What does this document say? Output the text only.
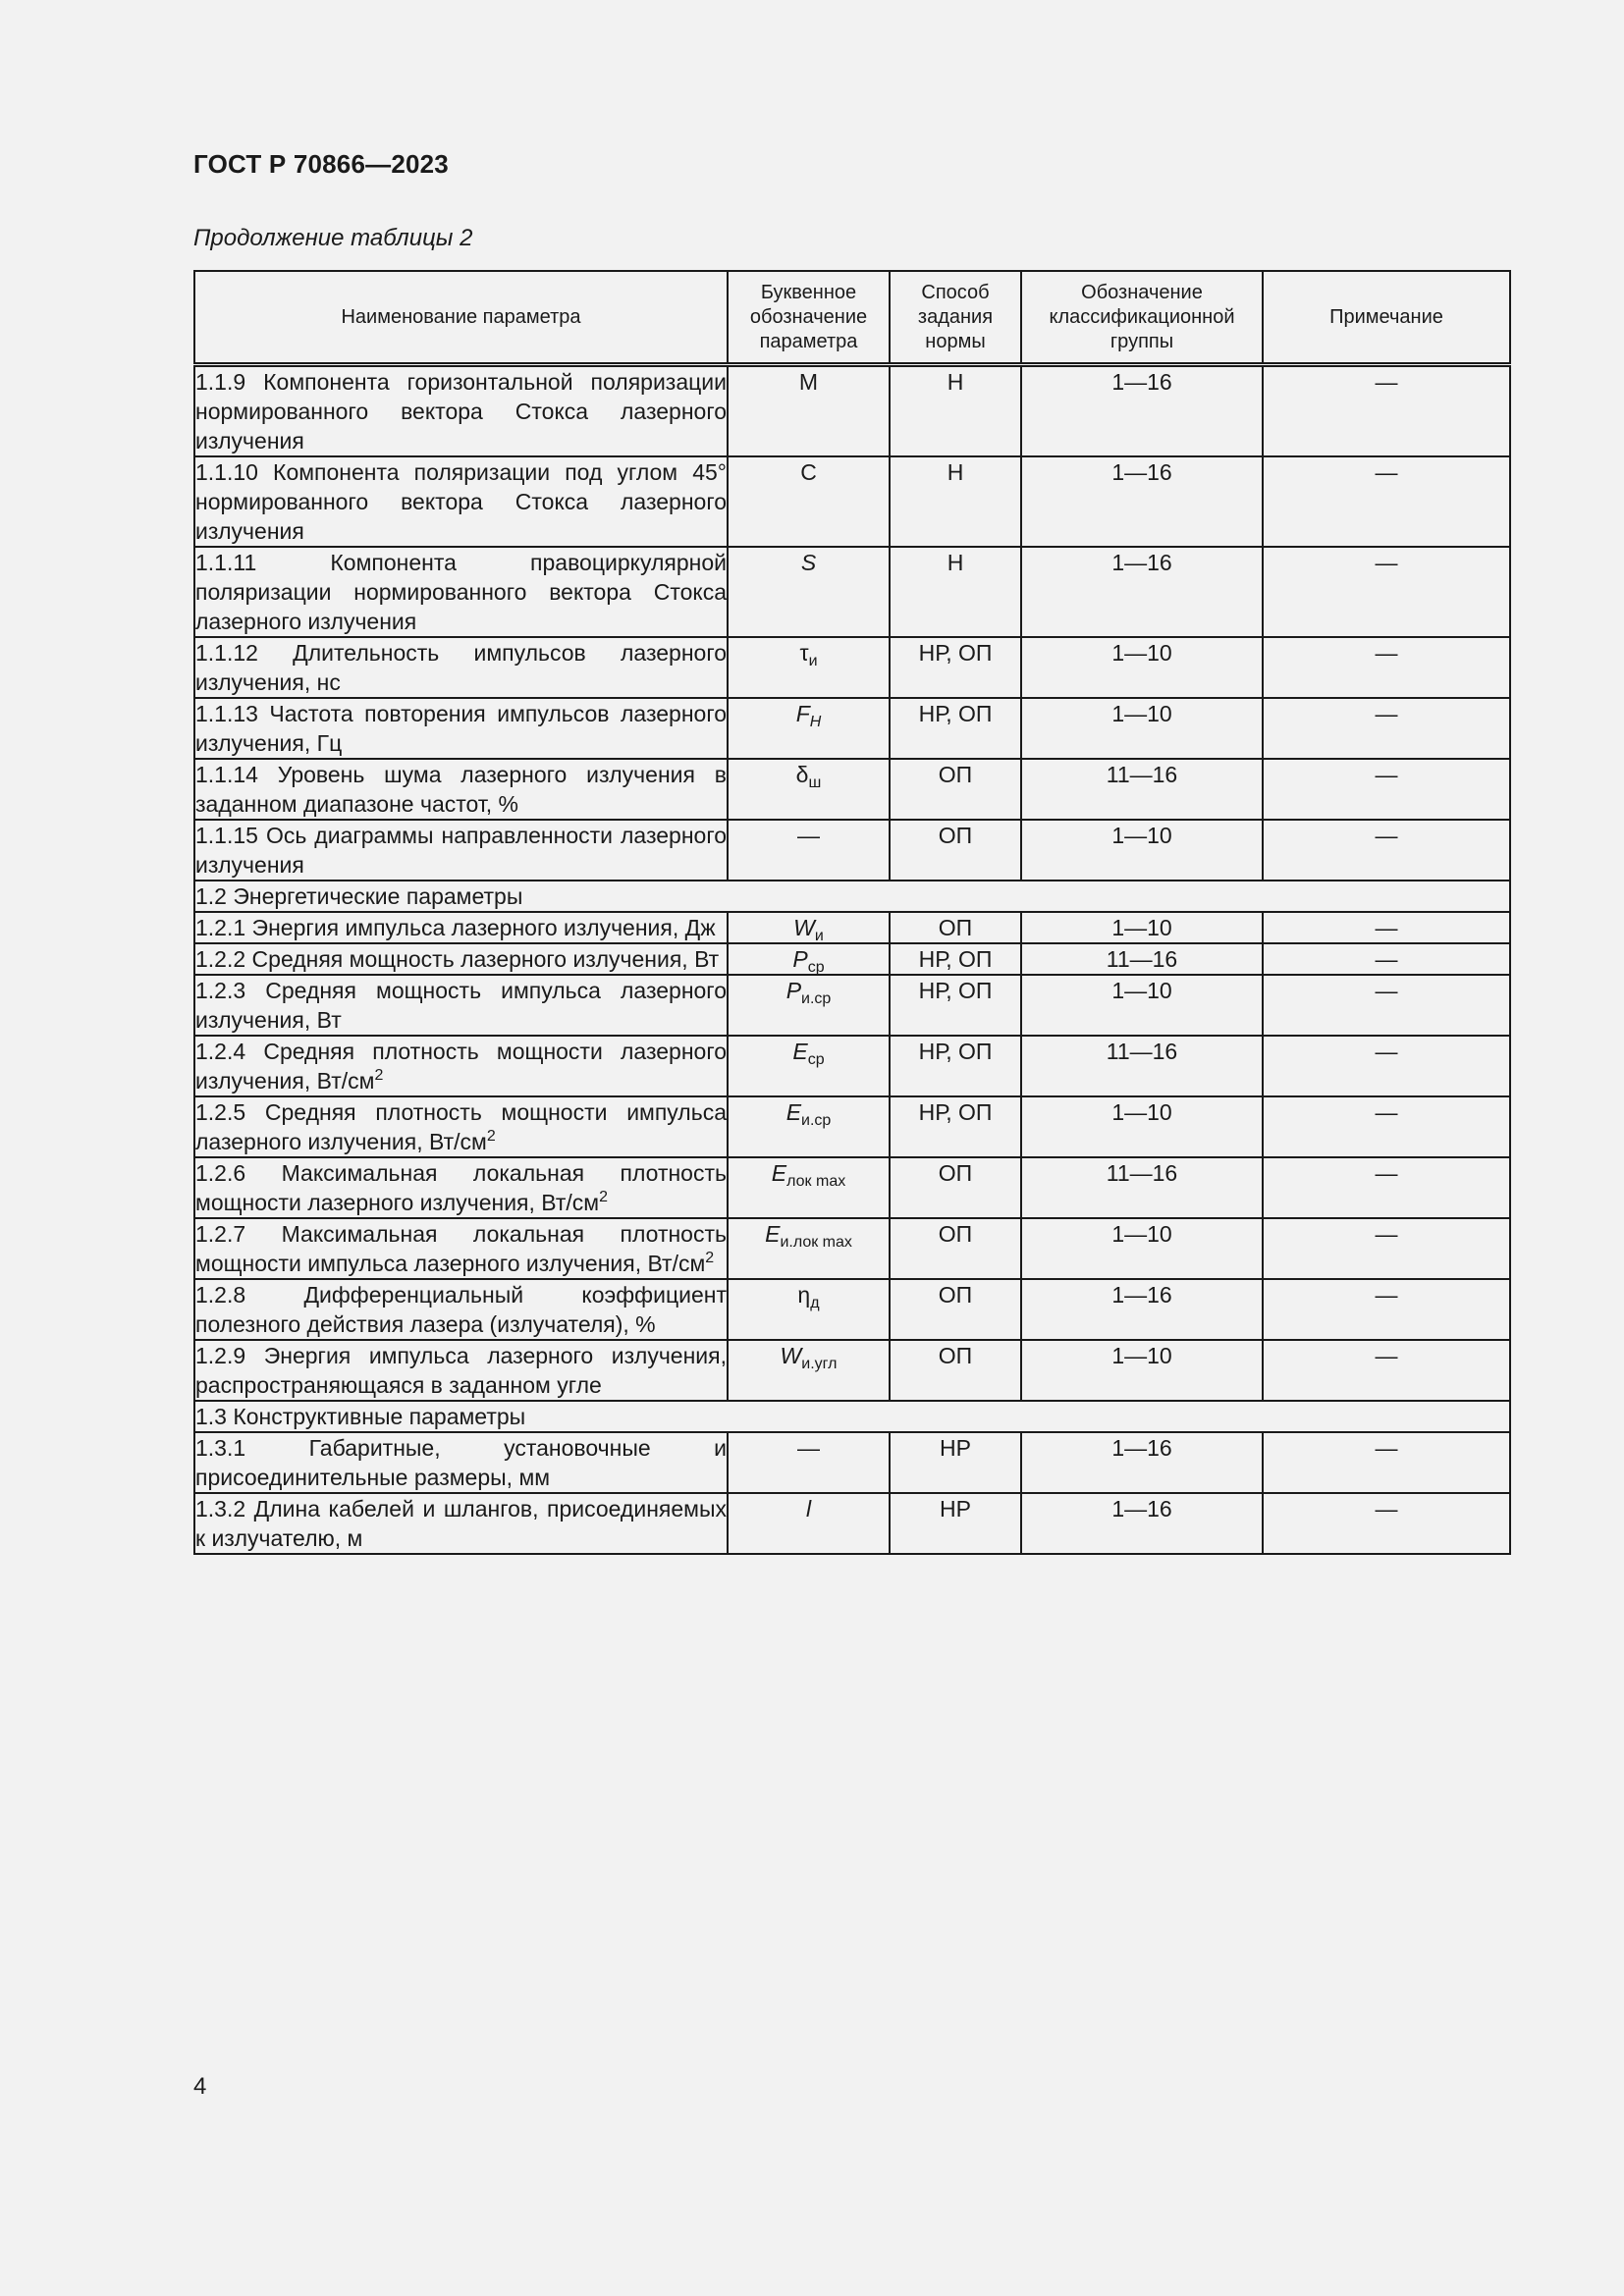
ГОСТ Р 70866—2023
Продолжение таблицы 2
Наименование параметра	Буквенное обозначение параметра	Способ задания нормы	Обозначение классификационной группы	Примечание
1.1.9 Компонента горизонтальной поляризации нормированного вектора Стокса лазерного излучения	M	Н	1—16	—
1.1.10 Компонента поляризации под углом 45° нормированного вектора Стокса лазерного излучения	C	Н	1—16	—
1.1.11 Компонента правоциркулярной поляризации нормированного вектора Стокса лазерного излучения	S	Н	1—16	—
1.1.12 Длительность импульсов лазерного излучения, нс	$\tau_и$	НР, ОП	1—10	—
1.1.13 Частота повторения импульсов лазерного излучения, Гц	$F_H$	НР, ОП	1—10	—
1.1.14 Уровень шума лазерного излучения в заданном диапазоне частот, %	$\delta_ш$	ОП	11—16	—
1.1.15 Ось диаграммы направленности лазерного излучения	—	ОП	1—10	—
1.2 Энергетические параметры				
1.2.1 Энергия импульса лазерного излучения, Дж	$W_и$	ОП	1—10	—
1.2.2 Средняя мощность лазерного излучения, Вт	$P_{ср}$	НР, ОП	11—16	—
1.2.3 Средняя мощность импульса лазерного излучения, Вт	$P_{и.ср}$	НР, ОП	1—10	—
1.2.4 Средняя плотность мощности лазерного излучения, $Вт/см^2$	$E_{ср}$	НР, ОП	11—16	—
1.2.5 Средняя плотность мощности импульса лазерного излучения, $Вт/см^2$	$E_{и.ср}$	НР, ОП	1—10	—
1.2.6 Максимальная локальная плотность мощности лазерного излучения, $Вт/см^2$	$E_{лок max}$	ОП	11—16	—
1.2.7 Максимальная локальная плотность мощности импульса лазерного излучения, $Вт/см^2$	$E_{и.лок max}$	ОП	1—10	—
1.2.8 Дифференциальный коэффициент полезного действия лазера (излучателя), %	$\eta_д$	ОП	1—16	—
1.2.9 Энергия импульса лазерного излучения, распространяющаяся в заданном угле	$W_{и.угл}$	ОП	1—10	—
1.3 Конструктивные параметры				
1.3.1 Габаритные, установочные и присоединительные размеры, мм	—	НР	1—16	—
1.3.2 Длина кабелей и шлангов, присоединяемых к излучателю, м	l	НР	1—16	—
4
